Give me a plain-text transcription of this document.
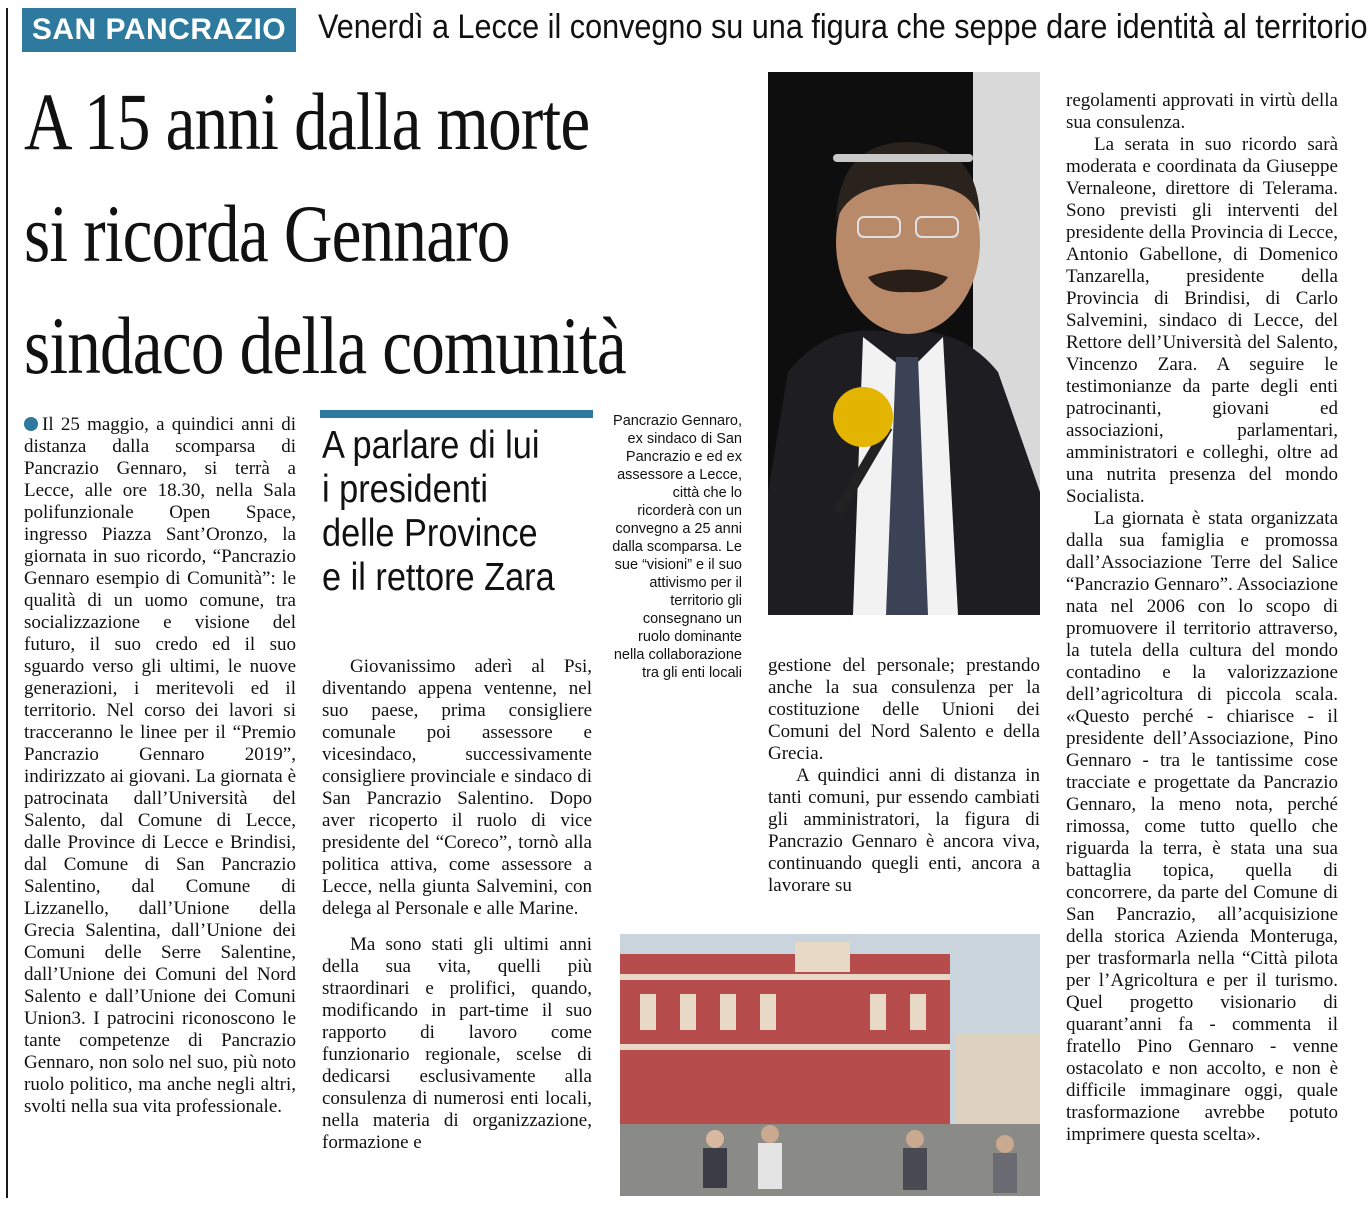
SAN PANCRAZIO Venerdì a Lecce il convegno su una figura che seppe dare identità al territorio
A 15 anni dalla morte
si ricorda Gennaro
sindaco della comunità

Il 25 maggio, a quindici anni di distanza dalla scomparsa di Pancrazio Gennaro, si terrà a Lecce, alle ore 18.30, nella Sala polifunzionale Open Space, ingresso Piazza Sant’Oronzo, la giornata in suo ricordo, “Pancrazio Gennaro esempio di Comunità”: le qualità di un uomo comune, tra socializzazione e visione del futuro, il suo credo ed il suo sguardo verso gli ultimi, le nuove generazioni, i meritevoli ed il territorio. Nel corso dei lavori si tracceranno le linee per il “Premio Pancrazio Gennaro 2019”, indirizzato ai giovani. La giornata è patrocinata dall’Università del Salento, dal Comune di Lecce, dalle Province di Lecce e Brindisi, dal Comune di San Pancrazio Salentino, dal Comune di Lizzanello, dall’Unione della Grecia Salentina, dall’Unione dei Comuni delle Serre Salentine, dall’Unione dei Comuni del Nord Salento e dall’Unione dei Comuni Union3. I patrocini riconoscono le tante competenze di Pancrazio Gennaro, non solo nel suo, più noto ruolo politico, ma anche negli altri, svolti nella sua vita professionale.

A parlare di lui
i presidenti
delle Province
e il rettore Zara
Pancrazio Gennaro, ex sindaco di San Pancrazio e ed ex assessore a Lecce, città che lo ricorderà con un convegno a 25 anni dalla scomparsa. Le sue “visioni” e il suo attivismo per il territorio gli consegnano un ruolo dominante nella collaborazione tra gli enti locali

Giovanissimo aderì al Psi, diventando appena ventenne, nel suo paese, prima consigliere comunale poi assessore e vicesindaco, successivamente consigliere provinciale e sindaco di San Pancrazio Salentino. Dopo aver ricoperto il ruolo di vice presidente del “Coreco”, tornò alla politica attiva, come assessore a Lecce, nella giunta Salvemini, con delega al Personale e alle Marine.

Ma sono stati gli ultimi anni della sua vita, quelli più straordinari e prolifici, quando, modificando in part-time il suo rapporto di lavoro come funzionario regionale, scelse di dedicarsi esclusivamente alla consulenza di numerosi enti locali, nella materia di organizzazione, formazione e

gestione del personale; prestando anche la sua consulenza per la costituzione delle Unioni dei Comuni del Nord Salento e della Grecia.

A quindici anni di distanza in tanti comuni, pur essendo cambiati gli amministratori, la figura di Pancrazio Gennaro è ancora viva, continuando quegli enti, ancora a lavorare su

regolamenti approvati in virtù della sua consulenza.

La serata in suo ricordo sarà moderata e coordinata da Giuseppe Vernaleone, direttore di Telerama. Sono previsti gli interventi del presidente della Provincia di Lecce, Antonio Gabellone, di Domenico Tanzarella, presidente della Provincia di Brindisi, di Carlo Salvemini, sindaco di Lecce, del Rettore dell’Università del Salento, Vincenzo Zara. A seguire le testimonianze da parte degli enti patrocinanti, giovani ed associazioni, parlamentari, amministratori e colleghi, oltre ad una nutrita presenza del mondo Socialista.

La giornata è stata organizzata dalla sua famiglia e promossa dall’Associazione Terre del Salice “Pancrazio Gennaro”. Associazione nata nel 2006 con lo scopo di promuovere il territorio attraverso, la tutela della cultura del mondo contadino e la valorizzazione dell’agricoltura di piccola scala. «Questo perché - chiarisce - il presidente dell’Associazione, Pino Gennaro - tra le tantissime cose tracciate e progettate da Pancrazio Gennaro, la meno nota, perché rimossa, come tutto quello che riguarda la terra, è stata una sua battaglia topica, quella di concorrere, da parte del Comune di San Pancrazio, all’acquisizione della storica Azienda Monteruga, per trasformarla nella “Città pilota per l’Agricoltura e per il turismo. Quel progetto visionario di quarant’anni fa - commenta il fratello Pino Gennaro - venne ostacolato e non accolto, e non è difficile immaginare oggi, quale trasformazione avrebbe potuto imprimere questa scelta».
